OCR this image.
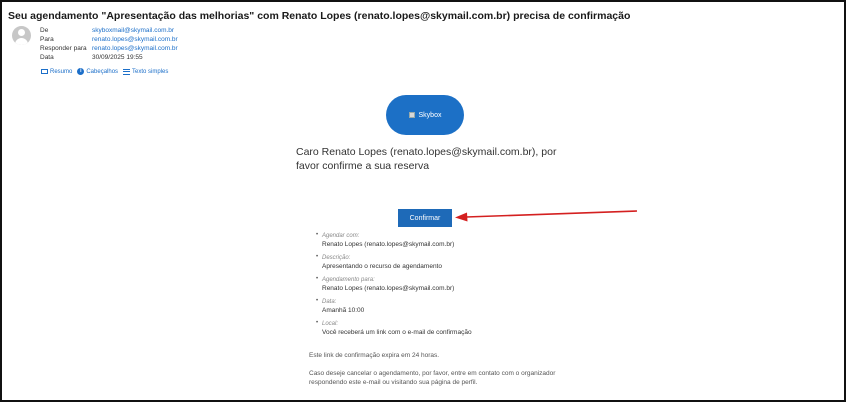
Seu agendamento "Apresentação das melhorias" com Renato Lopes (renato.lopes@skymail.com.br) precisa de confirmação
De	skyboxmail@skymail.com.br
Para	renato.lopes@skymail.com.br
Responder para renato.lopes@skymail.com.br
Data	30/09/2025 19:55
Resumo	i Cabeçalhos Texto simples
Skybox
Caro Renato Lopes (renato.lopes@skymail.com.br), por favor confirme a sua reserva
Confirmar
• Agendar com:
Renato Lopes (renato.lopes@skymail.com.br)
• Descrição:
Apresentando o recurso de agendamento
• Agendamento para:
Renato Lopes (renato.lopes@skymail.com.br)
• Data:
Amanhã 10:00
• Local:
Você receberá um link com o e-mail de confirmação
Este link de confirmação expira em 24 horas.
Caso deseje cancelar o agendamento, por favor, entre em contato com o organizador respondendo este e-mail ou visitando sua página de perfil.
